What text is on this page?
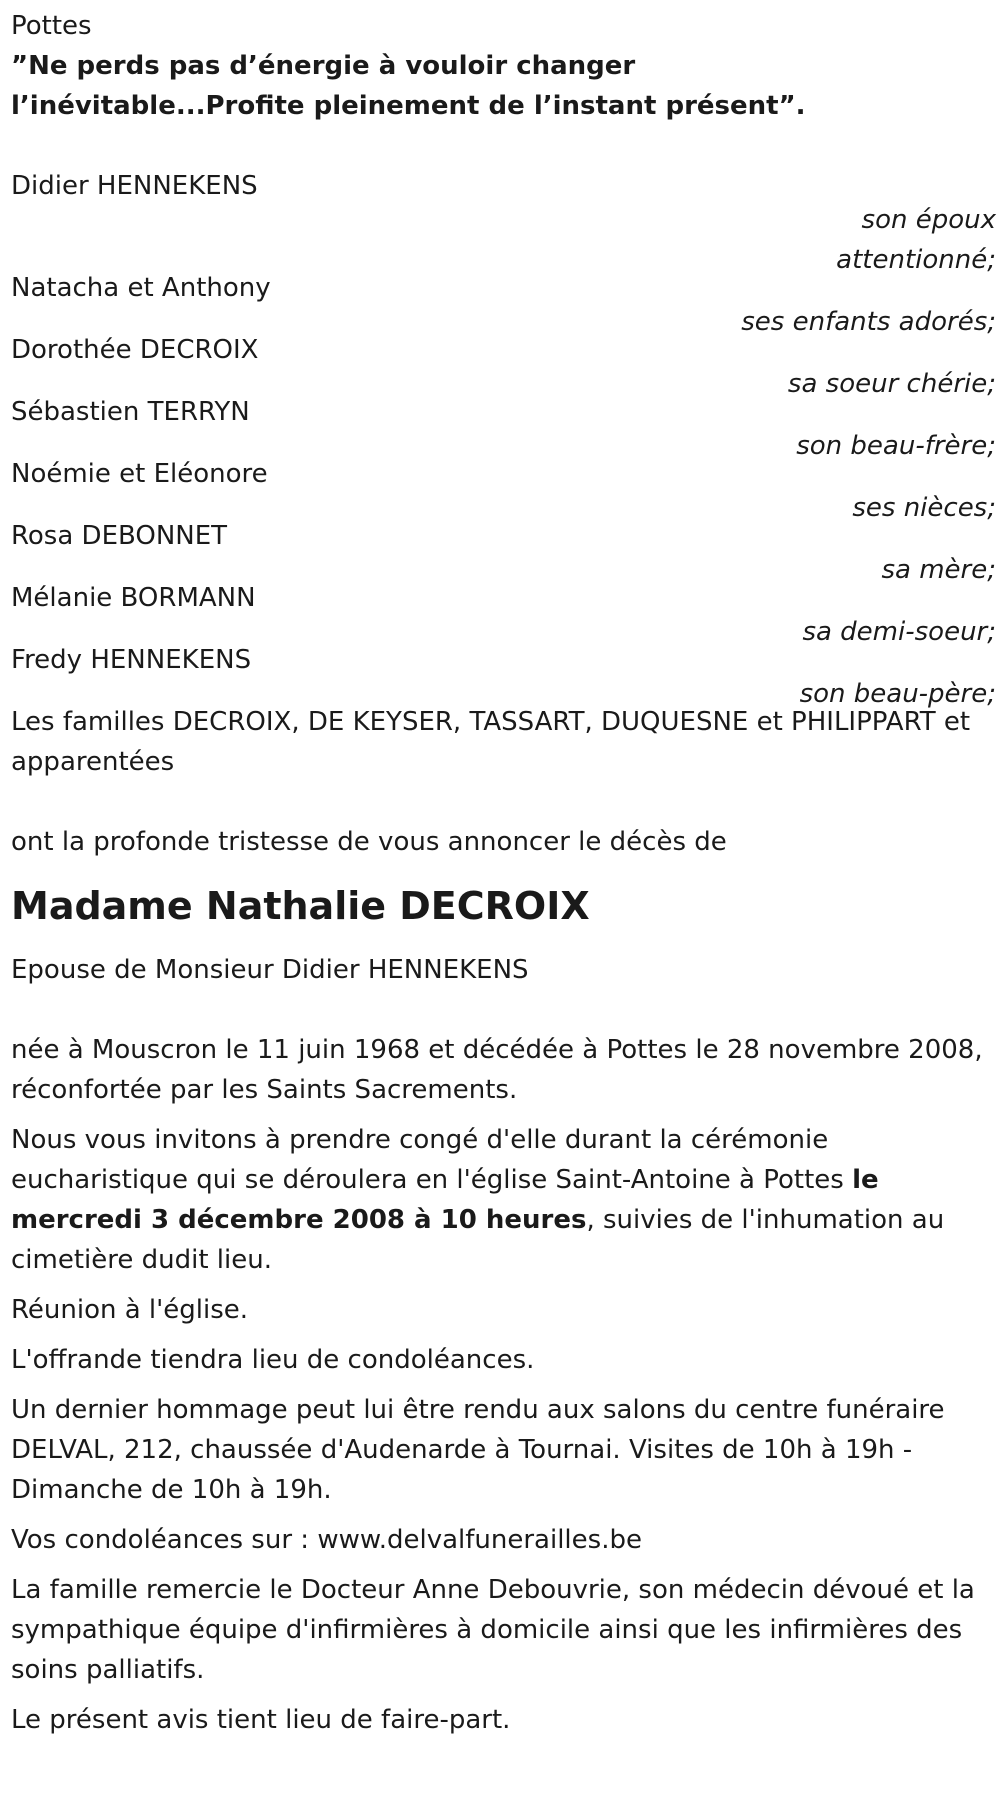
Pottes

”Ne perds pas d’énergie à vouloir changer l’inévitable...Profite pleinement de l’instant présent”.

Didier HENNEKENS
son époux
attentionné;
Natacha et Anthony
ses enfants adorés;
Dorothée DECROIX
sa soeur chérie;
Sébastien TERRYN
son beau-frère;
Noémie et Eléonore
ses nièces;
Rosa DEBONNET
sa mère;
Mélanie BORMANN
sa demi-soeur;
Fredy HENNEKENS
son beau-père;

Les familles DECROIX, DE KEYSER, TASSART, DUQUESNE et PHILIPPART et apparentées

ont la profonde tristesse de vous annoncer le décès de

Madame Nathalie DECROIX

Epouse de Monsieur Didier HENNEKENS

née à Mouscron le 11 juin 1968 et décédée à Pottes le 28 novembre 2008, réconfortée par les Saints Sacrements.

Nous vous invitons à prendre congé d'elle durant la cérémonie eucharistique qui se déroulera en l'église Saint-Antoine à Pottes le mercredi 3 décembre 2008 à 10 heures, suivies de l'inhumation au cimetière dudit lieu.

Réunion à l'église.

L'offrande tiendra lieu de condoléances.

Un dernier hommage peut lui être rendu aux salons du centre funéraire DELVAL, 212, chaussée d'Audenarde à Tournai. Visites de 10h à 19h - Dimanche de 10h à 19h.

Vos condoléances sur : www.delvalfunerailles.be

La famille remercie le Docteur Anne Debouvrie, son médecin dévoué et la sympathique équipe d'infirmières à domicile ainsi que les infirmières des soins palliatifs.

Le présent avis tient lieu de faire-part.
